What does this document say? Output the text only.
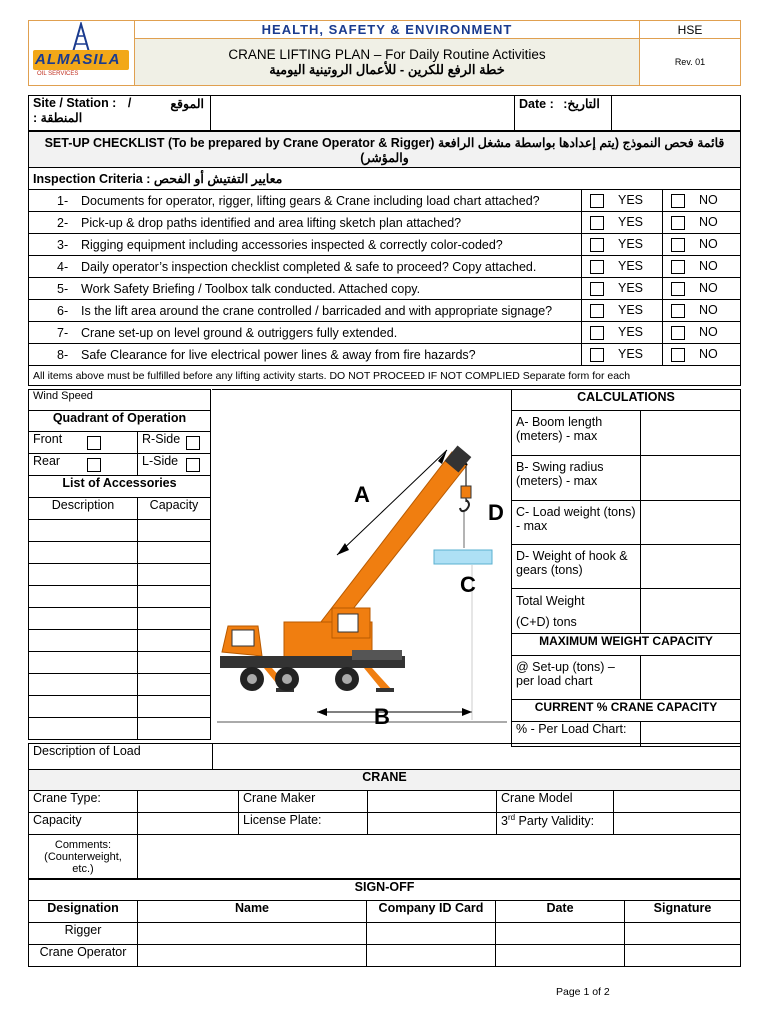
ALMASILA
OIL SERVICES	HEALTH, SAFETY & ENVIRONMENT	HSE

	CRANE LIFTING PLAN – For Daily Routine Activities
خطة الرفع للكرين - للأعمال الروتينية اليومية	Rev. 01
Site / Station : /	الموقع
المنطقة :
		Date : التاريخ:	
SET-UP CHECKLIST (To be prepared by Crane Operator & Rigger) قائمة فحص النموذج (يتم إعدادها بواسطة مشغل الرافعة والمؤشر)		
Inspection Criteria : معايير التفتيش أو الفحص		
1- Documents for operator, rigger, lifting gears & Crane including load chart attached?	YES	NO
2- Pick-up & drop paths identified and area lifting sketch plan attached?	YES	NO
3- Rigging equipment including accessories inspected & correctly color-coded?	YES	NO
4- Daily operator’s inspection checklist completed & safe to proceed? Copy attached.	YES	NO
5- Work Safety Briefing / Toolbox talk conducted. Attached copy.	YES	NO
6- Is the lift area around the crane controlled / barricaded and with appropriate signage?	YES	NO
7- Crane set-up on level ground & outriggers fully extended.	YES	NO
8- Safe Clearance for live electrical power lines & away from fire hazards?	YES	NO
All items above must be fulfilled before any lifting activity starts. DO NOT PROCEED IF NOT COMPLIED Separate form for each		
Wind Speed	
Quadrant of Operation	
Front	R-Side

Rear	L-Side

List of Accessories	
Description	Capacity

		A
D
C
B
CALCULATIONS	
A- Boom length (meters) - max	
B- Swing radius (meters) - max	
C- Load weight (tons) - max	
D- Weight of hook & gears (tons)	

Total Weight
(C+D) tons	

MAXIMUM WEIGHT CAPACITY	
@ Set-up (tons) – per load chart	
CURRENT % CRANE CAPACITY	
% - Per Load Chart:	
Description of Load	
CRANE					
Crane Type:		Crane Maker		Crane Model	
Capacity		License Plate:		3rd Party Validity:	

Comments:
(Counterweight, etc.)					

SIGN-OFF				
Designation	Name	Company ID Card	Date	Signature
Rigger				
Crane Operator				
Page 1 of 2
